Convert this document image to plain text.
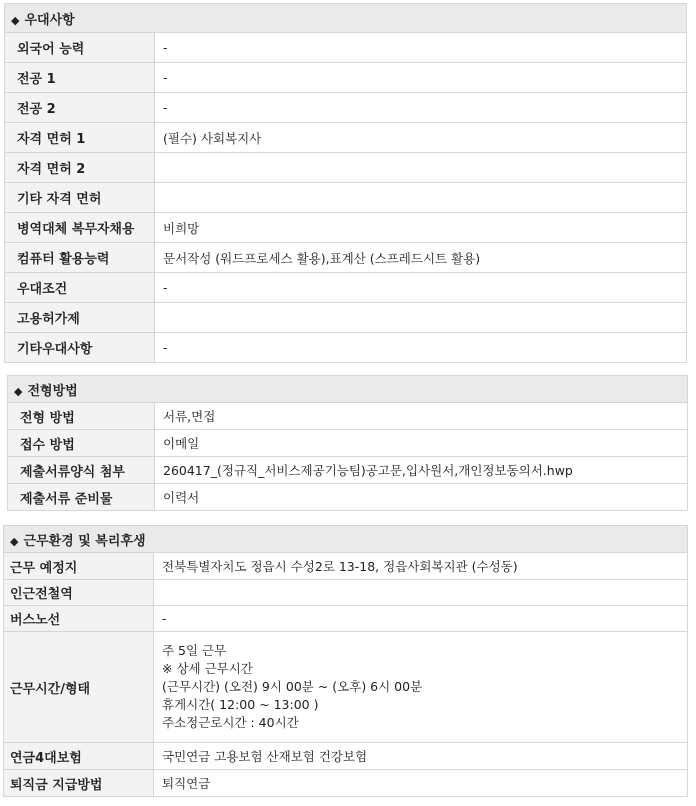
◆ 우대사항	
외국어 능력	-
전공 1	-
전공 2	-
자격 면허 1	(필수) 사회복지사
자격 면허 2	
기타 자격 면허	
병역대체 복무자채용	비희망
컴퓨터 활용능력	문서작성 (워드프로세스 활용),표계산 (스프레드시트 활용)
우대조건	-
고용허가제	
기타우대사항	-
◆ 전형방법	
전형 방법	서류,면접
접수 방법	이메일
제출서류양식 첨부	260417_(정규직_서비스제공기능팀)공고문,입사원서,개인정보동의서.hwp
제출서류 준비물	이력서
◆ 근무환경 및 복리후생	
근무 예정지	전북특별자치도 정읍시 수성2로 13-18, 정읍사회복지관 (수성동)
인근전철역	
버스노선	-
근무시간/형태	주 5일 근무
※ 상세 근무시간
(근무시간) (오전) 9시 00분 ~ (오후) 6시 00분
휴게시간( 12:00 ~ 13:00 )
주소정근로시간 : 40시간

연금4대보험	국민연금 고용보험 산재보험 건강보험
퇴직금 지급방법	퇴직연금
